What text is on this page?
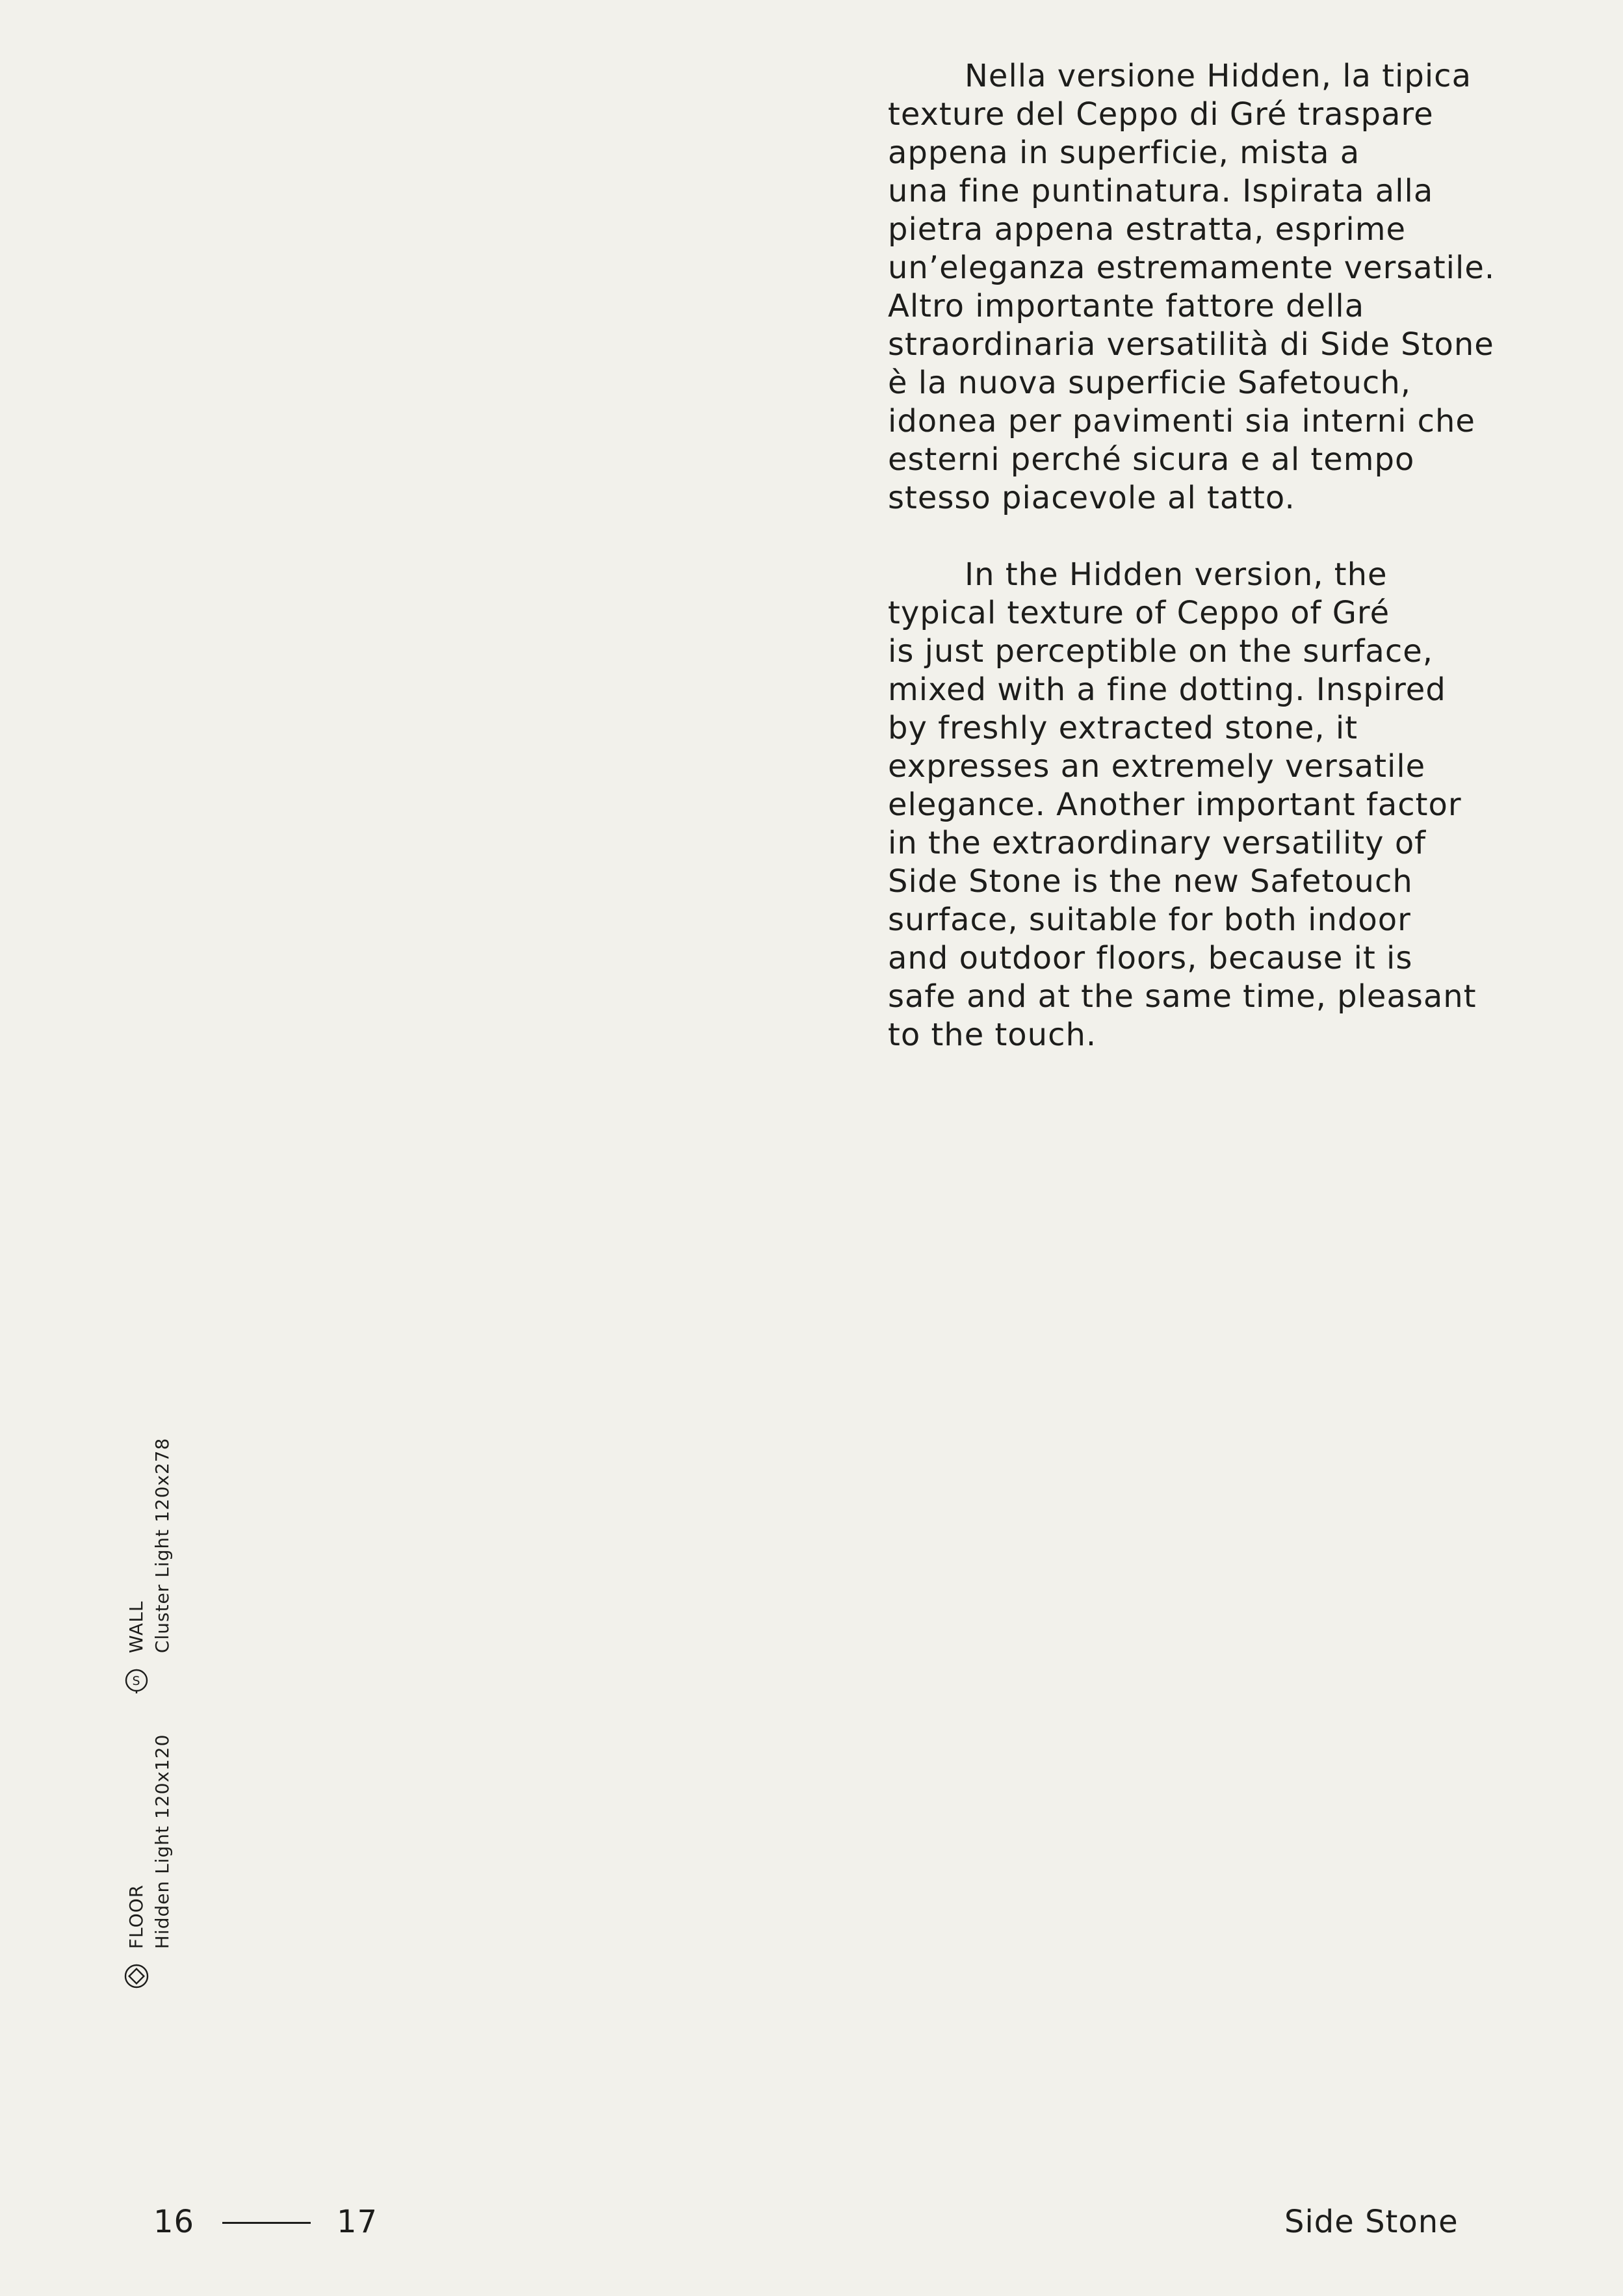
Nella versione Hidden, la tipica
texture del Ceppo di Gré traspare
appena in superficie, mista a
una fine puntinatura. Ispirata alla
pietra appena estratta, esprime
un’eleganza estremamente versatile.
Altro importante fattore della
straordinaria versatilità di Side Stone
è la nuova superficie Safetouch,
idonea per pavimenti sia interni che
esterni perché sicura e al tempo
stesso piacevole al tatto.

In the Hidden version, the
typical texture of Ceppo of Gré
is just perceptible on the surface,
mixed with a fine dotting. Inspired
by freshly extracted stone, it
expresses an extremely versatile
elegance. Another important factor
in the extraordinary versatility of
Side Stone is the new Safetouch
surface, suitable for both indoor
and outdoor floors, because it is
safe and at the same time, pleasant
to the touch.

S

WALL Cluster Light 120x278

FLOOR Hidden Light 120x120
16	17	Side Stone
